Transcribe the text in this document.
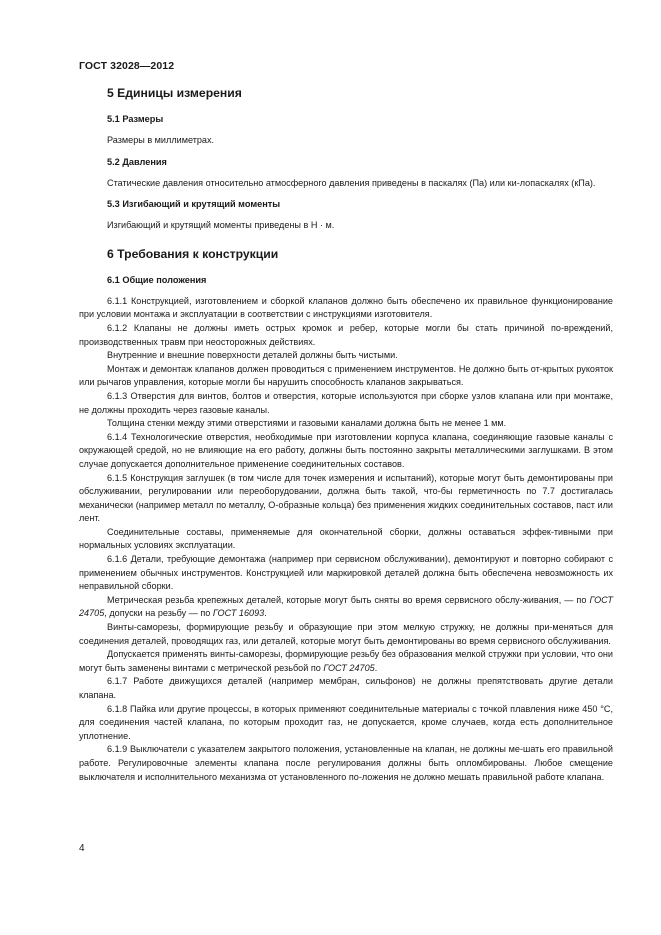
ГОСТ 32028—2012
5 Единицы измерения
5.1 Размеры

Размеры в миллиметрах.

5.2 Давления

Статические давления относительно атмосферного давления приведены в паскалях (Па) или ки-лопаскалях (кПа).

5.3 Изгибающий и крутящий моменты

Изгибающий и крутящий моменты приведены в Н · м.

6 Требования к конструкции
6.1 Общие положения

6.1.1 Конструкцией, изготовлением и сборкой клапанов должно быть обеспечено их правильное функционирование при условии монтажа и эксплуатации в соответствии с инструкциями изготовителя.

6.1.2 Клапаны не должны иметь острых кромок и ребер, которые могли бы стать причиной по-вреждений, производственных травм при неосторожных действиях.

Внутренние и внешние поверхности деталей должны быть чистыми.

Монтаж и демонтаж клапанов должен проводиться с применением инструментов. Не должно быть от-крытых рукояток или рычагов управления, которые могли бы нарушить способность клапанов закрываться.

6.1.3 Отверстия для винтов, болтов и отверстия, которые используются при сборке узлов клапана или при монтаже, не должны проходить через газовые каналы.

Толщина стенки между этими отверстиями и газовыми каналами должна быть не менее 1 мм.

6.1.4 Технологические отверстия, необходимые при изготовлении корпуса клапана, соединяющие газовые каналы с окружающей средой, но не влияющие на его работу, должны быть постоянно закрыты металлическими заглушками. В этом случае допускается дополнительное применение соединительных составов.

6.1.5 Конструкция заглушек (в том числе для точек измерения и испытаний), которые могут быть демонтированы при обслуживании, регулировании или переоборудовании, должна быть такой, что-бы герметичность по 7.7 достигалась механически (например металл по металлу, О-образные кольца) без применения жидких соединительных составов, паст или лент.

Соединительные составы, применяемые для окончательной сборки, должны оставаться эффек-тивными при нормальных условиях эксплуатации.

6.1.6 Детали, требующие демонтажа (например при сервисном обслуживании), демонтируют и повторно собирают с применением обычных инструментов. Конструкцией или маркировкой деталей должна быть обеспечена невозможность их неправильной сборки.

Метрическая резьба крепежных деталей, которые могут быть сняты во время сервисного обслу-живания, — по ГОСТ 24705, допуски на резьбу — по ГОСТ 16093.

Винты-саморезы, формирующие резьбу и образующие при этом мелкую стружку, не должны при-меняться для соединения деталей, проводящих газ, или деталей, которые могут быть демонтированы во время сервисного обслуживания.

Допускается применять винты-саморезы, формирующие резьбу без образования мелкой стружки при условии, что они могут быть заменены винтами с метрической резьбой по ГОСТ 24705.

6.1.7 Работе движущихся деталей (например мембран, сильфонов) не должны препятствовать другие детали клапана.

6.1.8 Пайка или другие процессы, в которых применяют соединительные материалы с точкой плавления ниже 450 °С, для соединения частей клапана, по которым проходит газ, не допускается, кроме случаев, когда есть дополнительное уплотнение.

6.1.9 Выключатели с указателем закрытого положения, установленные на клапан, не должны ме-шать его правильной работе. Регулировочные элементы клапана после регулирования должны быть опломбированы. Любое смещение выключателя и исполнительного механизма от установленного по-ложения не должно мешать правильной работе клапана.

4
